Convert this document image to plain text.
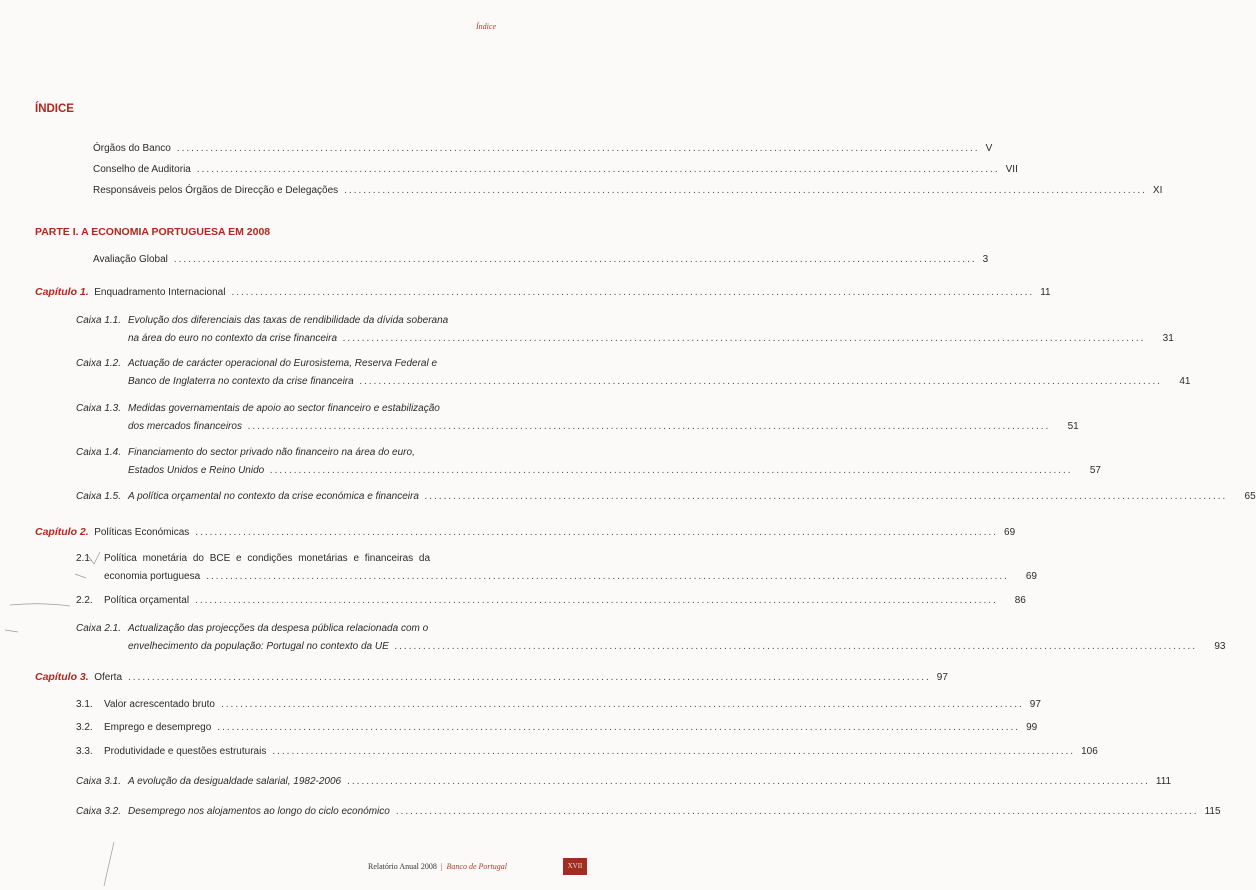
Índice
ÍNDICE
Órgãos do Banco .....	V
Conselho de Auditoria .....	VII
Responsáveis pelos Órgãos de Direcção e Delegações .....	XI
PARTE I. A ECONOMIA PORTUGUESA EM 2008
Avaliação Global .....	3
Capítulo 1. Enquadramento Internacional .....	11
Caixa 1.1. Evolução dos diferenciais das taxas de rendibilidade da dívida soberana
na área do euro no contexto da crise financeira .....	31
Caixa 1.2. Actuação de carácter operacional do Eurosistema, Reserva Federal e
Banco de Inglaterra no contexto da crise financeira .....	41
Caixa 1.3. Medidas governamentais de apoio ao sector financeiro e estabilização
dos mercados financeiros .....	51
Caixa 1.4. Financiamento do sector privado não financeiro na área do euro,
Estados Unidos e Reino Unido .....	57
Caixa 1.5. A política orçamental no contexto da crise económica e financeira .....	65
Capítulo 2. Políticas Económicas .....	69
2.1.	Política monetária do BCE e condições monetárias e financeiras da
economia portuguesa .....	69
2.2.	Política orçamental .....	86
Caixa 2.1. Actualização das projecções da despesa pública relacionada com o
envelhecimento da população: Portugal no contexto da UE .....	93
Capítulo 3. Oferta .....	97
3.1. Valor acrescentado bruto .....	97
3.2. Emprego e desemprego .....	99
3.3. Produtividade e questões estruturais .....	106
Caixa 3.1. A evolução da desigualdade salarial, 1982-2006 .....	111
Caixa 3.2. Desemprego nos alojamentos ao longo do ciclo económico .....	115
Relatório Anual 2008 | Banco de Portugal	XVII
